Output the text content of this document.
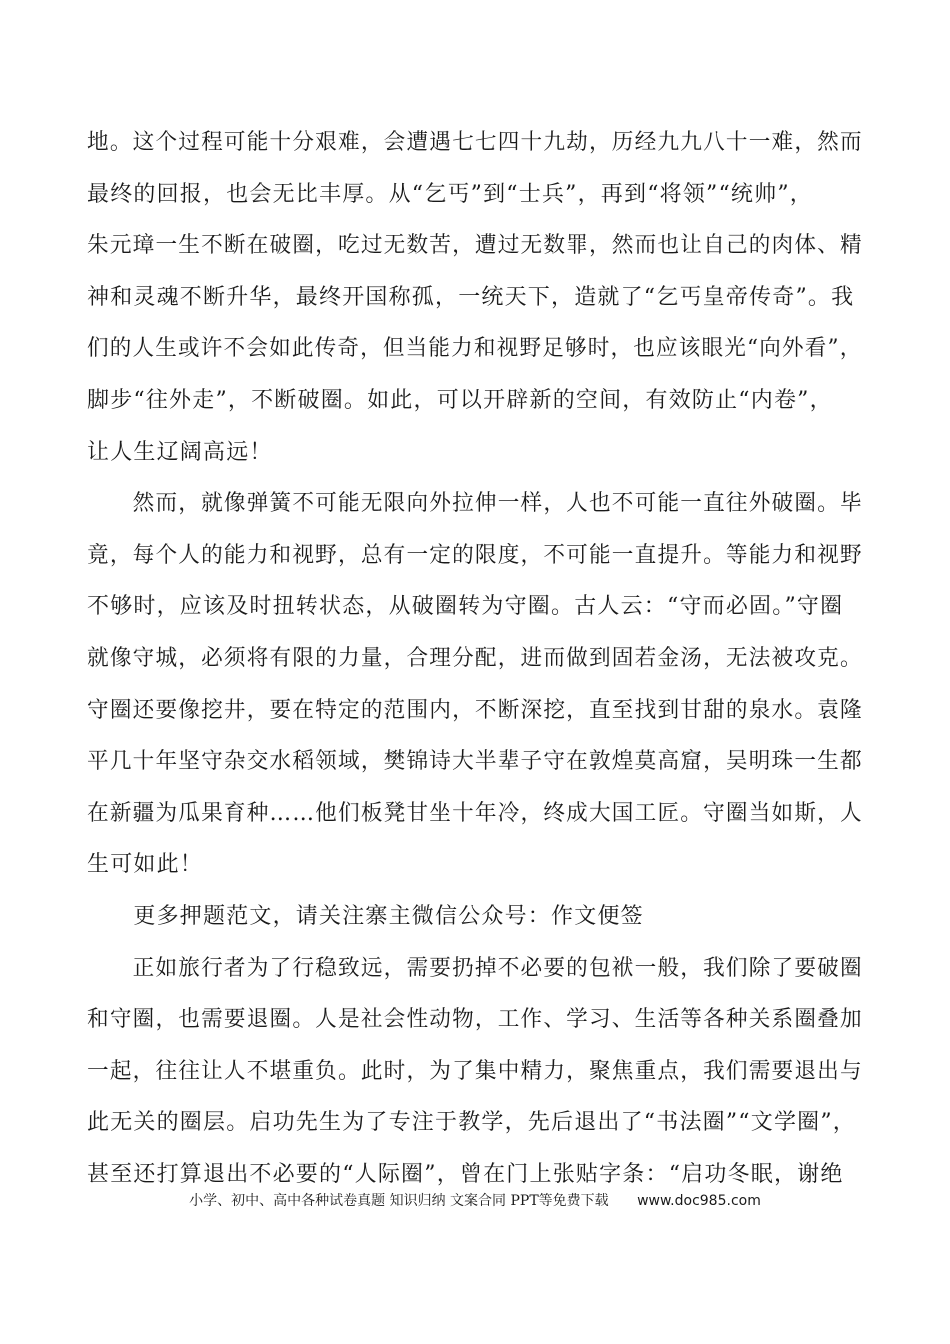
地。这个过程可能十分艰难，会遭遇七七四十九劫，历经九九八十一难，然而
最终的回报，也会无比丰厚。从“乞丐”到“士兵”，再到“将领”“统帅”，
朱元璋一生不断在破圈，吃过无数苦，遭过无数罪，然而也让自己的肉体、精
神和灵魂不断升华，最终开国称孤，一统天下，造就了“乞丐皇帝传奇”。我
们的人生或许不会如此传奇，但当能力和视野足够时，也应该眼光“向外看”，
脚步“往外走”，不断破圈。如此，可以开辟新的空间，有效防止“内卷”，
让人生辽阔高远！
　　然而，就像弹簧不可能无限向外拉伸一样，人也不可能一直往外破圈。毕
竟，每个人的能力和视野，总有一定的限度，不可能一直提升。等能力和视野
不够时，应该及时扭转状态，从破圈转为守圈。古人云：“守而必固。”守圈
就像守城，必须将有限的力量，合理分配，进而做到固若金汤，无法被攻克。
守圈还要像挖井，要在特定的范围内，不断深挖，直至找到甘甜的泉水。袁隆
平几十年坚守杂交水稻领域，樊锦诗大半辈子守在敦煌莫高窟，吴明珠一生都
在新疆为瓜果育种……他们板凳甘坐十年冷，终成大国工匠。守圈当如斯，人
生可如此！
　　更多押题范文，请关注寨主微信公众号：作文便签
　　正如旅行者为了行稳致远，需要扔掉不必要的包袱一般，我们除了要破圈
和守圈，也需要退圈。人是社会性动物，工作、学习、生活等各种关系圈叠加
一起，往往让人不堪重负。此时，为了集中精力，聚焦重点，我们需要退出与
此无关的圈层。启功先生为了专注于教学，先后退出了“书法圈”“文学圈”，
甚至还打算退出不必要的“人际圈”，曾在门上张贴字条：“启功冬眠，谢绝
小学、初中、高中各种试卷真题 知识归纳 文案合同 PPT等免费下载 www.doc985.com
